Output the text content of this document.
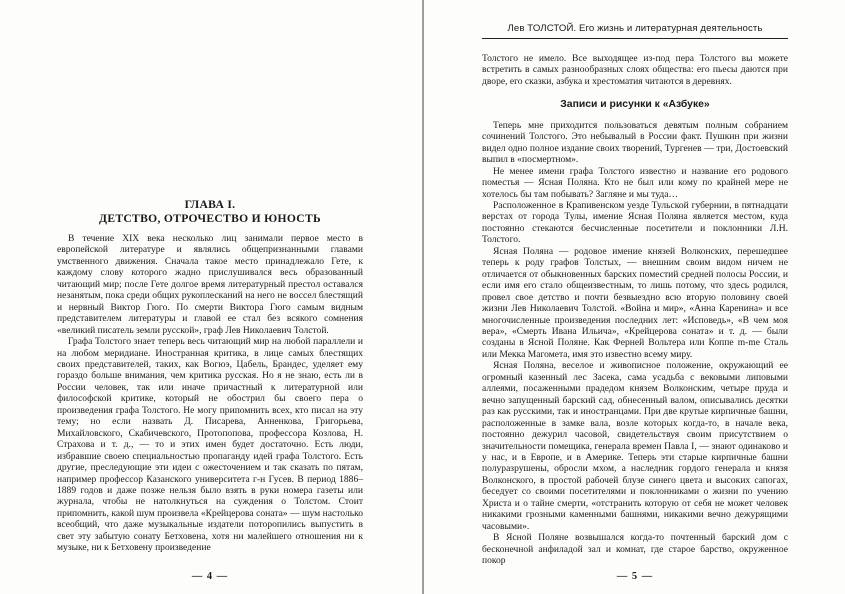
ГЛАВА I.
ДЕТСТВО, ОТРОЧЕСТВО И ЮНОСТЬ

В течение XIX века несколько лиц занимали первое место в европейской литературе и являлись общепризнанными главами умственного движения. Сначала такое место принадлежало Гете, к каждому слову которого жадно прислушивался весь образованный читающий мир; после Гете долгое время литературный престол оставался незанятым, пока среди общих рукоплесканий на него не воссел блестящий и нервный Виктор Гюго. По смерти Виктора Гюго самым видным представителем литературы и главой ее стал без всякого сомнения «великий писатель земли русской», граф Лев Николаевич Толстой.

Графа Толстого знает теперь весь читающий мир на любой параллели и на любом меридиане. Иностранная критика, в лице самых блестящих своих представителей, таких, как Вогюэ, Цабель, Брандес, уделяет ему гораздо больше внимания, чем критика русская. Но я не знаю, есть ли в России человек, так или иначе причастный к литературной или философской критике, который не обострил бы своего пера о произведения графа Толстого. Не могу припомнить всех, кто писал на эту тему; но если назвать Д. Писарева, Анненкова, Григорьева, Михайловского, Скабичевского, Протопопова, профессора Козлова, Н. Страхова и т. д., — то и этих имен будет достаточно. Есть люди, избравшие своею специальностью пропаганду идей графа Толстого. Есть другие, преследующие эти идеи с ожесточением и так сказать по пятам, например профессор Казанского университета г-н Гусев. В период 1886–1889 годов и даже позже нельзя было взять в руки номера газеты или журнала, чтобы не натолкнуться на суждения о Толстом. Стоит припомнить, какой шум произвела «Крейцерова соната» — шум настолько всеобщий, что даже музыкальные издатели поторопились выпустить в свет эту забытую сонату Бетховена, хотя ни малейшего отношения ни к музыке, ни к Бетховену произведение

— 4 —
Лев ТОЛСТОЙ. Его жизнь и литературная деятельность

Толстого не имело. Все выходящее из-под пера Толстого вы можете встретить в самых разнообразных слоях общества: его пьесы даются при дворе, его сказки, азбука и хрестоматия читаются в деревнях.

Записи и рисунки к «Азбуке»

Теперь мне приходится пользоваться девятым полным собранием сочинений Толстого. Это небывалый в России факт. Пушкин при жизни видел одно полное издание своих творений, Тургенев — три, Достоевский выпил в «посмертном».

Не менее имени графа Толстого известно и название его родового поместья — Ясная Поляна. Кто не был или кому по крайней мере не хотелось бы там побывать? Загляне и мы туда…

Расположенное в Крапивенском уезде Тульской губернии, в пятнадцати верстах от города Тулы, имение Ясная Поляна является местом, куда постоянно стекаются бесчисленные посетители и поклонники Л.Н. Толстого.

Ясная Поляна — родовое имение князей Волконских, перешедшее теперь к роду графов Толстых, — внешним своим видом ничем не отличается от обыкновенных барских поместий средней полосы России, и если имя его стало общеизвестным, то лишь потому, что здесь родился, провел свое детство и почти безвыездно всю вторую половину своей жизни Лев Николаевич Толстой. «Война и мир», «Анна Каренина» и все многочисленные произведения последних лет: «Исповедь», «В чем моя вера», «Смерть Ивана Ильича», «Крейцерова соната» и т. д. — были созданы в Ясной Поляне. Как Ферней Вольтера или Коппе m-me Сталь или Мекка Магомета, имя это известно всему миру.

Ясная Поляна, веселое и живописное положение, окружающий ее огромный казенный лес Засека, сама усадьба с вековыми липовыми аллеями, посаженными прадедом князем Волконским, четыре пруда и вечно запущенный барский сад, обнесенный валом, описывались десятки раз как русскими, так и иностранцами. При две крутые кирпичные башни, расположенные в замке вала, возле которых когда-то, в начале века, постоянно дежурил часовой, свидетельствуя своим присутствием о значительности помещика, генерала времен Павла I, — знают одинаково и у нас, и в Европе, и в Америке. Теперь эти старые кирпичные башни полуразрушены, обросли мхом, а наследник гордого генерала и князя Волконского, в простой рабочей блузе синего цвета и высоких сапогах, беседует со своими посетителями и поклонниками о жизни по учению Христа и о тайне смерти, «отстранить которую от себя не может человек никакими грозными каменными башнями, никакими вечно дежурящими часовыми».

В Ясной Поляне возвышался когда-то почтенный барский дом с бесконечной анфиладой зал и комнат, где старое барство, окруженное покор

— 5 —
